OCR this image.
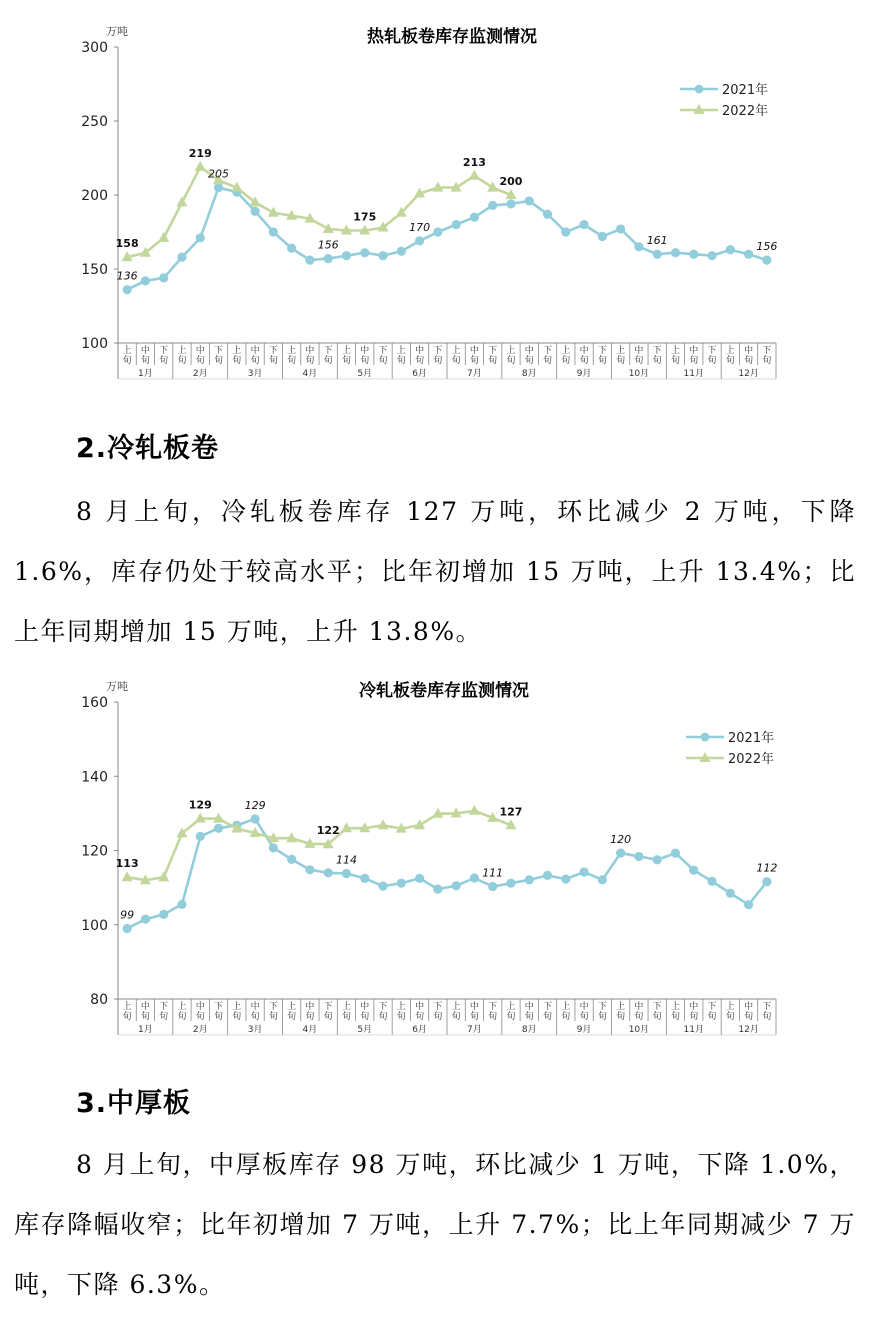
热轧板卷库存监测情况
万吨
100
150
200
250
300
上
旬
中
旬
下
旬
上
旬
中
旬
下
旬
上
旬
中
旬
下
旬
上
旬
中
旬
下
旬
上
旬
中
旬
下
旬
上
旬
中
旬
下
旬
上
旬
中
旬
下
旬
上
旬
中
旬
下
旬
上
旬
中
旬
下
旬
上
旬
中
旬
下
旬
上
旬
中
旬
下
旬
上
旬
中
旬
下
旬
1月	2月	3月	4月	5月	6月	7月	8月	9月	10月	11月	12月
136
156
170
161	156
158
219
205
175
213
200
2021年
2022年
2.冷轧板卷

8 月上旬，冷轧板卷库存 127 万吨，环比减少 2 万吨，下降 1.6%，库存仍处于较高水平；比年初增加 15 万吨，上升 13.4%；比上年同期增加 15 万吨，上升 13.8%。

冷轧板卷库存监测情况
万吨
80
100
120
140
160
上
旬
中
旬
下
旬
上
旬
中
旬
下
旬
上
旬
中
旬
下
旬
上
旬
中
旬
下
旬
上
旬
中
旬
下
旬
上
旬
中
旬
下
旬
上
旬
中
旬
下
旬
上
旬
中
旬
下
旬
上
旬
中
旬
下
旬
上
旬
中
旬
下
旬
上
旬
中
旬
下
旬
上
旬
中
旬
下
旬
1月	2月	3月	4月	5月	6月	7月	8月	9月	10月	11月	12月
99
129
114
111
120
112
113
129
122
127
2021年
2022年
3.中厚板

8 月上旬，中厚板库存 98 万吨，环比减少 1 万吨，下降 1.0%，库存降幅收窄；比年初增加 7 万吨，上升 7.7%；比上年同期减少 7 万吨，下降 6.3%。
